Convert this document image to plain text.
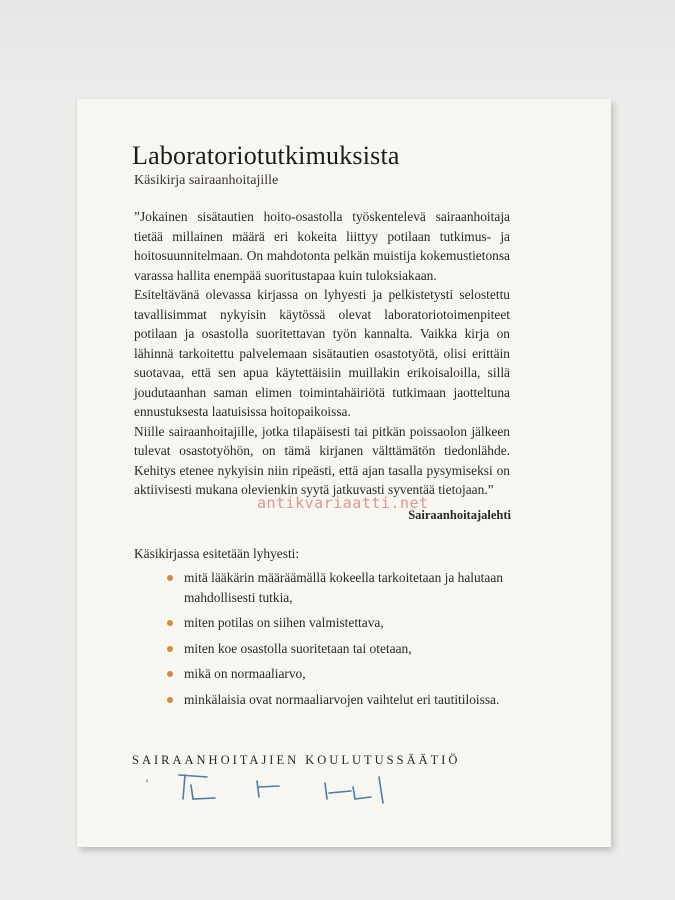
Laboratoriotutkimuksista
Käsikirja sairaanhoitajille

”Jokainen sisätautien hoito-osastolla työskentelevä sairaanhoitaja tietää millainen määrä eri kokeita liittyy potilaan tutkimus- ja hoitosuunnitelmaan. On mahdotonta pelkän muistija kokemustietonsa varassa hallita enempää suoritustapaa kuin tuloksiakaan.

Esiteltävänä olevassa kirjassa on lyhyesti ja pelkistetysti selostettu tavallisimmat nykyisin käytössä olevat laboratoriotoimenpiteet potilaan ja osastolla suoritettavan työn kannalta. Vaikka kirja on lähinnä tarkoitettu palvelemaan sisätautien osastotyötä, olisi erittäin suotavaa, että sen apua käytettäisiin muillakin erikoisaloilla, sillä joudutaanhan saman elimen toimintahäiriötä tutkimaan jaotteltuna ennustuksesta laatuisissa hoitopaikoissa.

Niille sairaanhoitajille, jotka tilapäisesti tai pitkän poissaolon jälkeen tulevat osastotyöhön, on tämä kirjanen välttämätön tiedonlähde. Kehitys etenee nykyisin niin ripeästi, että ajan tasalla pysymiseksi on aktiivisesti mukana olevienkin syytä jatkuvasti syventää tietojaan.”

Sairaanhoitajalehti
Käsikirjassa esitetään lyhyesti:
mitä lääkärin määräämällä kokeella tarkoitetaan ja halutaan mahdollisesti tutkia,
miten potilas on siihen valmistettava,
miten koe osastolla suoritetaan tai otetaan,
mikä on normaaliarvo,
minkälaisia ovat normaaliarvojen vaihtelut eri tautitiloissa.
SAIRAANHOITAJIEN KOULUTUSSÄÄTIÖ
antikvariaatti.net
‘
